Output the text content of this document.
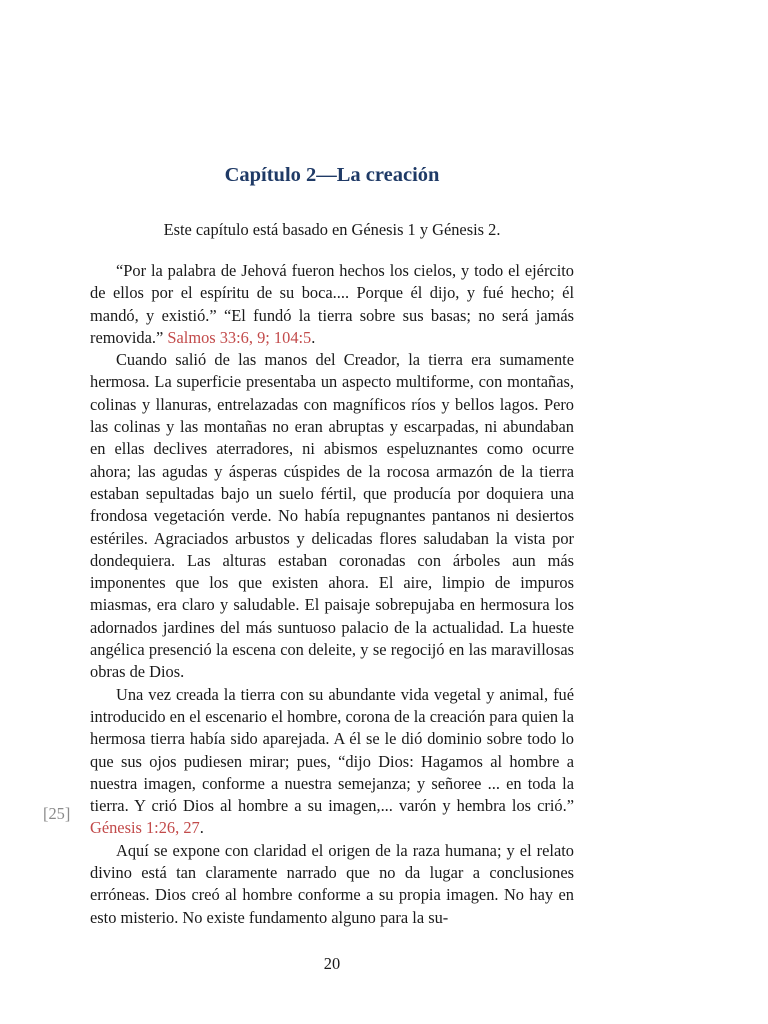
Capítulo 2—La creación

Este capítulo está basado en Génesis 1 y Génesis 2.

“Por la palabra de Jehová fueron hechos los cielos, y todo el ejército de ellos por el espíritu de su boca.... Porque él dijo, y fué hecho; él mandó, y existió.” “El fundó la tierra sobre sus basas; no será jamás removida.” Salmos 33:6, 9; 104:5.

Cuando salió de las manos del Creador, la tierra era sumamente hermosa. La superficie presentaba un aspecto multiforme, con montañas, colinas y llanuras, entrelazadas con magníficos ríos y bellos lagos. Pero las colinas y las montañas no eran abruptas y escarpadas, ni abundaban en ellas declives aterradores, ni abismos espeluznantes como ocurre ahora; las agudas y ásperas cúspides de la rocosa armazón de la tierra estaban sepultadas bajo un suelo fértil, que producía por doquiera una frondosa vegetación verde. No había repugnantes pantanos ni desiertos estériles. Agraciados arbustos y delicadas flores saludaban la vista por dondequiera. Las alturas estaban coronadas con árboles aun más imponentes que los que existen ahora. El aire, limpio de impuros miasmas, era claro y saludable. El paisaje sobrepujaba en hermosura los adornados jardines del más suntuoso palacio de la actualidad. La hueste angélica presenció la escena con deleite, y se regocijó en las maravillosas obras de Dios.

Una vez creada la tierra con su abundante vida vegetal y animal, fué introducido en el escenario el hombre, corona de la creación para quien la hermosa tierra había sido aparejada. A él se le dió dominio sobre todo lo que sus ojos pudiesen mirar; pues, “dijo Dios: Hagamos al hombre a nuestra imagen, conforme a nuestra semejanza; y señoree ... en toda la tierra. Y crió Dios al hombre a su imagen,... varón y hembra los crió.” Génesis 1:26, 27.

Aquí se expone con claridad el origen de la raza humana; y el relato divino está tan claramente narrado que no da lugar a conclusiones erróneas. Dios creó al hombre conforme a su propia imagen. No hay en esto misterio. No existe fundamento alguno para la su-

20
[25]
